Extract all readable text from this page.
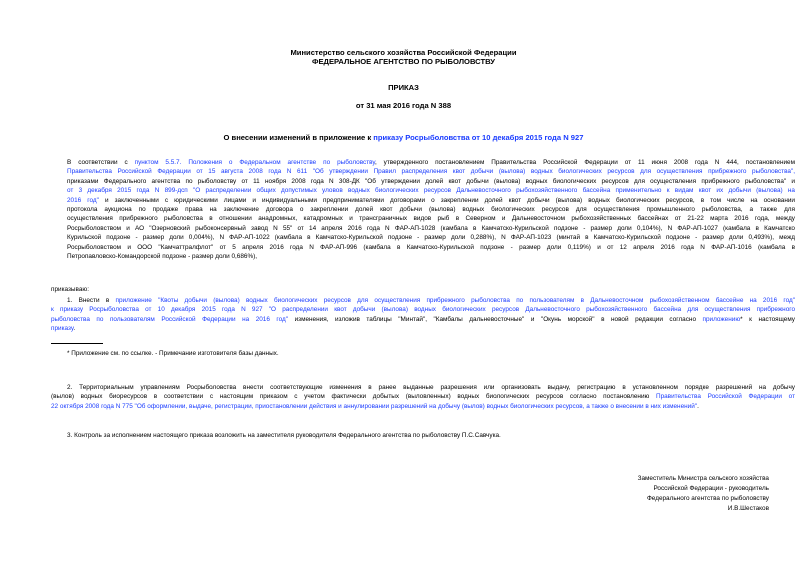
Министерство сельского хозяйства Российской Федерации
ФЕДЕРАЛЬНОЕ АГЕНТСТВО ПО РЫБОЛОВСТВУ
ПРИКАЗ
от 31 мая 2016 года N 388
О внесении изменений в приложение к приказу Росрыболовства от 10 декабря 2015 года N 927
В соответствии с пунктом 5.5.7. Положения о Федеральном агентстве по рыболовству, утвержденного постановлением Правительства Российской Федерации от 11 июня 2008 года N 444, постановлением
Правительства Российской Федерации от 15 августа 2008 года N 611 "Об утверждении Правил распределения квот добычи (вылова) водных биологических ресурсов для осуществления прибрежного рыболовства",
приказами Федерального агентства по рыболовству от 11 ноября 2008 года N 308-ДК "Об утверждении долей квот добычи (вылова) водных биологических ресурсов для осуществления прибрежного рыболовства" и
от 3 декабря 2015 года N 899-дсп "О распределении общих допустимых уловов водных биологических ресурсов Дальневосточного рыбохозяйственного бассейна применительно к видам квот их добычи (вылова) на
2016 год" и заключенными с юридическими лицами и индивидуальными предпринимателями договорами о закреплении долей квот добычи (вылова) водных биологических ресурсов, в том числе на основании
протокола аукциона по продаже права на заключение договора о закреплении долей квот добычи (вылова) водных биологических ресурсов для осуществления промышленного рыболовства, а также для
осуществления прибрежного рыболовства в отношении анадромных, катадромных и трансграничных видов рыб в Северном и Дальневосточном рыбохозяйственных бассейнах от 21-22 марта 2016 года, между
Росрыболовством и АО "Озерновский рыбоконсервный завод N 55" от 14 апреля 2016 года N ФАР-АП-1028 (камбала в Камчатско-Курильской подзоне - размер доли 0,104%), N ФАР-АП-1027 (камбала в Камчатско
Курильской подзоне - размер доли 0,004%), N ФАР-АП-1022 (камбала в Камчатско-Курильской подзоне - размер доли 0,288%), N ФАР-АП-1023 (минтай в Камчатско-Курильской подзоне - размер доли 0,493%), межд
Росрыболовством и ООО "Камчаттралфлот" от 5 апреля 2016 года N ФАР-АП-996 (камбала в Камчатско-Курильской подзоне - размер доли 0,119%) и от 12 апреля 2016 года N ФАР-АП-1016 (камбала в
Петропавловско-Командорской подзоне - размер доли 0,686%),
приказываю:
1. Внести в приложение "Квоты добычи (вылова) водных биологических ресурсов для осуществления прибрежного рыболовства по пользователям в Дальневосточном рыбохозяйственном бассейне на 2016 год"
к приказу Росрыболовства от 10 декабря 2015 года N 927 "О распределении квот добычи (вылова) водных биологических ресурсов Дальневосточного рыбохозяйственного бассейна для осуществления прибрежного
рыболовства по пользователям Российской Федерации на 2016 год" изменения, изложив таблицы "Минтай", "Камбалы дальневосточные" и "Окунь морской" в новой редакции согласно приложению* к настоящему
приказу.
* Приложение см. по ссылке. - Примечание изготовителя базы данных.
2. Территориальным управлениям Росрыболовства внести соответствующие изменения в ранее выданные разрешения или организовать выдачу, регистрацию в установленном порядке разрешений на добычу
(вылов) водных биоресурсов в соответствии с настоящим приказом с учетом фактически добытых (выловленных) водных биологических ресурсов согласно постановлению Правительства Российской Федерации от
22 октября 2008 года N 775 "Об оформлении, выдаче, регистрации, приостановлении действия и аннулировании разрешений на добычу (вылов) водных биологических ресурсов, а также о внесении в них изменений".
3. Контроль за исполнением настоящего приказа возложить на заместителя руководителя Федерального агентства по рыболовству П.С.Савчука.
Заместитель Министра сельского хозяйства
Российской Федерации - руководитель
Федерального агентства по рыболовству
И.В.Шестаков
